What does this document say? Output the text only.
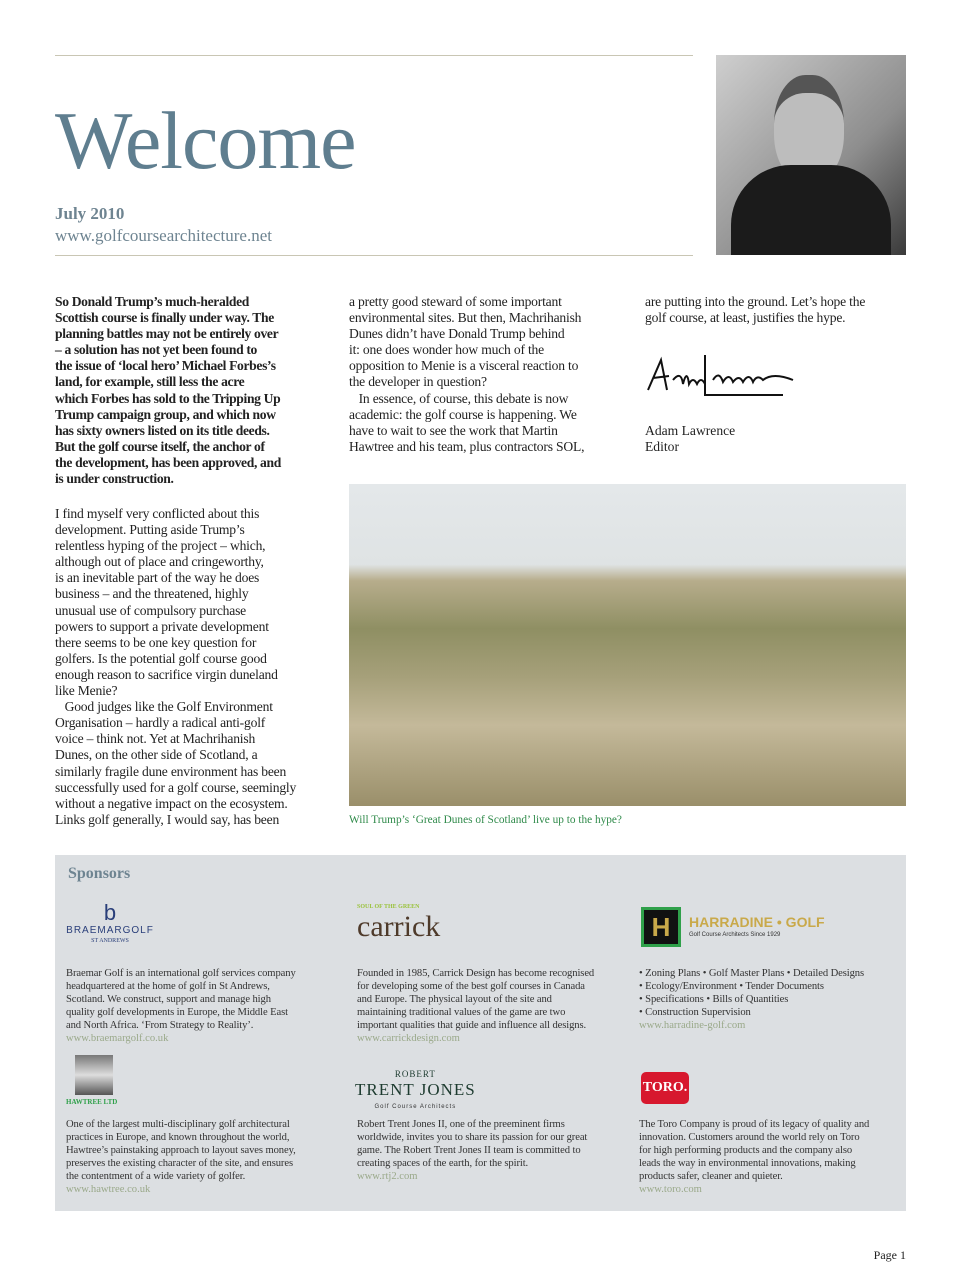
Welcome
July 2010
www.golfcoursearchitecture.net
So Donald Trump’s much-heralded
Scottish course is finally under way. The
planning battles may not be entirely over
– a solution has not yet been found to
the issue of ‘local hero’ Michael Forbes’s
land, for example, still less the acre
which Forbes has sold to the Tripping Up
Trump campaign group, and which now
has sixty owners listed on its title deeds.
But the golf course itself, the anchor of
the development, has been approved, and
is under construction.
I find myself very conflicted about this
development. Putting aside Trump’s
relentless hyping of the project – which,
although out of place and cringeworthy,
is an inevitable part of the way he does
business – and the threatened, highly
unusual use of compulsory purchase
powers to support a private development
there seems to be one key question for
golfers. Is the potential golf course good
enough reason to sacrifice virgin duneland
like Menie?
Good judges like the Golf Environment
Organisation – hardly a radical anti-golf
voice – think not. Yet at Machrihanish
Dunes, on the other side of Scotland, a
similarly fragile dune environment has been
successfully used for a golf course, seemingly
without a negative impact on the ecosystem.
Links golf generally, I would say, has been
a pretty good steward of some important
environmental sites. But then, Machrihanish
Dunes didn’t have Donald Trump behind
it: one does wonder how much of the
opposition to Menie is a visceral reaction to
the developer in question?
In essence, of course, this debate is now
academic: the golf course is happening. We
have to wait to see the work that Martin
Hawtree and his team, plus contractors SOL,
are putting into the ground. Let’s hope the
golf course, at least, justifies the hype.
Adam Lawrence
Editor
Will Trump’s ‘Great Dunes of Scotland’ live up to the hype?
Sponsors
b
BRAEMARGOLF
ST ANDREWS
SOUL OF THE GREEN
carrick	H	HARRADINE • GOLF
Golf Course Architects Since 1929
Braemar Golf is an international golf services company
headquartered at the home of golf in St Andrews,
Scotland. We construct, support and manage high
quality golf developments in Europe, the Middle East
and North Africa. ‘From Strategy to Reality’.
www.braemargolf.co.uk
Founded in 1985, Carrick Design has become recognised
for developing some of the best golf courses in Canada
and Europe. The physical layout of the site and
maintaining traditional values of the game are two
important qualities that guide and influence all designs.
www.carrickdesign.com
• Zoning Plans • Golf Master Plans • Detailed Designs
• Ecology/Environment • Tender Documents
• Specifications • Bills of Quantities
• Construction Supervision
www.harradine-golf.com
HAWTREE LTD
ROBERT
TRENT JONES
Golf Course Architects
TORO.
One of the largest multi-disciplinary golf architectural
practices in Europe, and known throughout the world,
Hawtree’s painstaking approach to layout saves money,
preserves the existing character of the site, and ensures
the contentment of a wide variety of golfer.
www.hawtree.co.uk
Robert Trent Jones II, one of the preeminent firms
worldwide, invites you to share its passion for our great
game. The Robert Trent Jones II team is committed to
creating spaces of the earth, for the spirit.
www.rtj2.com
The Toro Company is proud of its legacy of quality and
innovation. Customers around the world rely on Toro
for high performing products and the company also
leads the way in environmental innovations, making
products safer, cleaner and quieter.
www.toro.com
Page 1
